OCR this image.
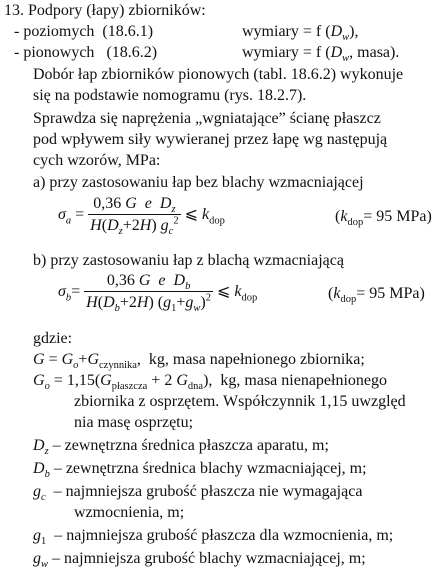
13. Podpory (łapy) zbiorników:
- poziomych (18.6.1)	wymiary = f $(D_w)$,
- pionowych (18.6.2)	wymiary = f ($D_w$, masa).
Dobór łap zbiorników pionowych (tabl. 18.6.2) wykonuje
się na podstawie nomogramu (rys. 18.2.7).
Sprawdza się naprężenia „wgniatające” ścianę płaszcz
pod wpływem siły wywieranej przez łapę wg następują
cych wzorów, MPa:
a) przy zastosowaniu łap bez blachy wzmacniającej
$\sigma_a = \frac{0,36 G e D_z}{H(D_z+2H) g_c^2}$ ⩽ $k_{dop}$	($k_{dop}= 95$ MPa)
b) przy zastosowaniu łap z blachą wzmacniającą
$\sigma_b= \frac{0,36 G e D_b}{H(D_b+2H) (g_1+g_w)^2}$ ⩽ $k_{dop}$	($k_{dop}= 95$ MPa)
gdzie:
$G = G_o+G_{czynnika}$,  kg, masa napełnionego zbiornika;
$G_o = 1,15(G_{płaszcza} + 2$ $G_{dna}$),  kg, masa nienapełnionego
zbiornika z osprzętem. Współczynnik 1,15 uwzględ
nia masę osprzętu;
$D_z$ – zewnętrzna średnica płaszcza aparatu, m;
$D_b$ – zewnętrzna średnica blachy wzmacniającej, m;
$g_c$ – najmniejsza grubość płaszcza nie wymagająca
wzmocnienia, m;
$g_1$ – najmniejsza grubość płaszcza dla wzmocnienia, m;
$g_w$ – najmniejsza grubość blachy wzmacniającej, m;
